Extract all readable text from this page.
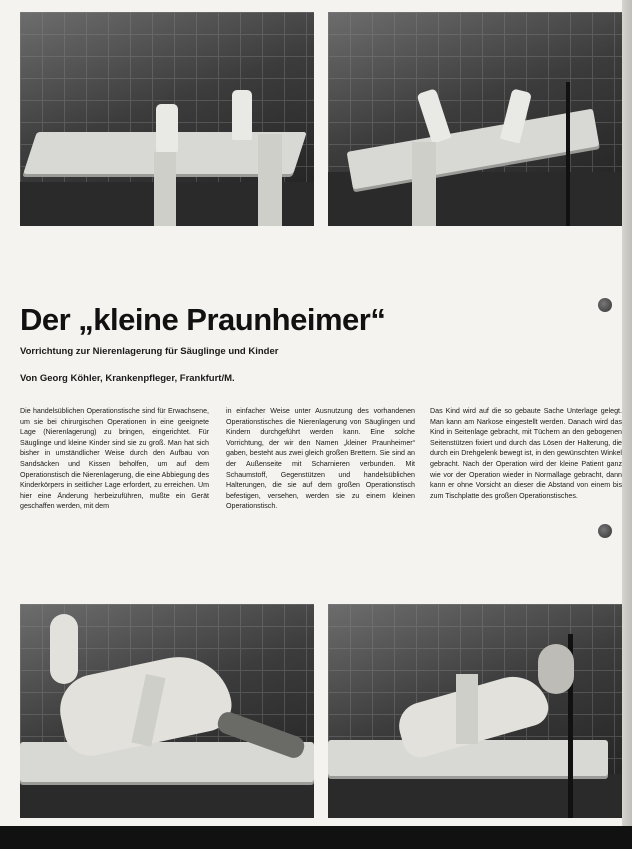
Der „kleine Praunheimer“

Vorrichtung zur Nierenlagerung für Säuglinge und Kinder

Von Georg Köhler, Krankenpfleger, Frankfurt/M.

Die handelsüblichen Operationstische sind für Erwachsene, um sie bei chirurgischen Operationen in eine geeignete Lage (Nierenlagerung) zu bringen, eingerichtet. Für Säuglinge und kleine Kinder sind sie zu groß. Man hat sich bisher in umständlicher Weise durch den Aufbau von Sandsäcken und Kissen beholfen, um auf dem Operationstisch die Nierenlagerung, die eine Abbiegung des Kinderkörpers in seitlicher Lage erfordert, zu erreichen. Um hier eine Änderung herbeizuführen, mußte ein Gerät geschaffen werden, mit dem

in einfacher Weise unter Ausnutzung des vorhandenen Operationstisches die Nierenlagerung von Säuglingen und Kindern durchgeführt werden kann. Eine solche Vorrichtung, der wir den Namen „kleiner Praunheimer“ gaben, besteht aus zwei gleich großen Brettern. Sie sind an der Außenseite mit Scharnieren verbunden. Mit Schaumstoff, Gegenstützen und handelsüblichen Halterungen, die sie auf dem großen Operationstisch befestigen, versehen, werden sie zu einem kleinen Operationstisch.

Das Kind wird auf die so gebaute Sache Unterlage gelegt. Man kann am Narkose eingestellt werden. Danach wird das Kind in Seitenlage gebracht, mit Tüchern an den gebogenen Seitenstützen fixiert und durch das Lösen der Halterung, die durch ein Drehgelenk bewegt ist, in den gewünschten Winkel gebracht. Nach der Operation wird der kleine Patient ganz wie vor der Operation wieder in Normallage gebracht, dann kann er ohne Vorsicht an dieser die Abstand von einem bis zum Tischplatte des großen Operationstisches.
